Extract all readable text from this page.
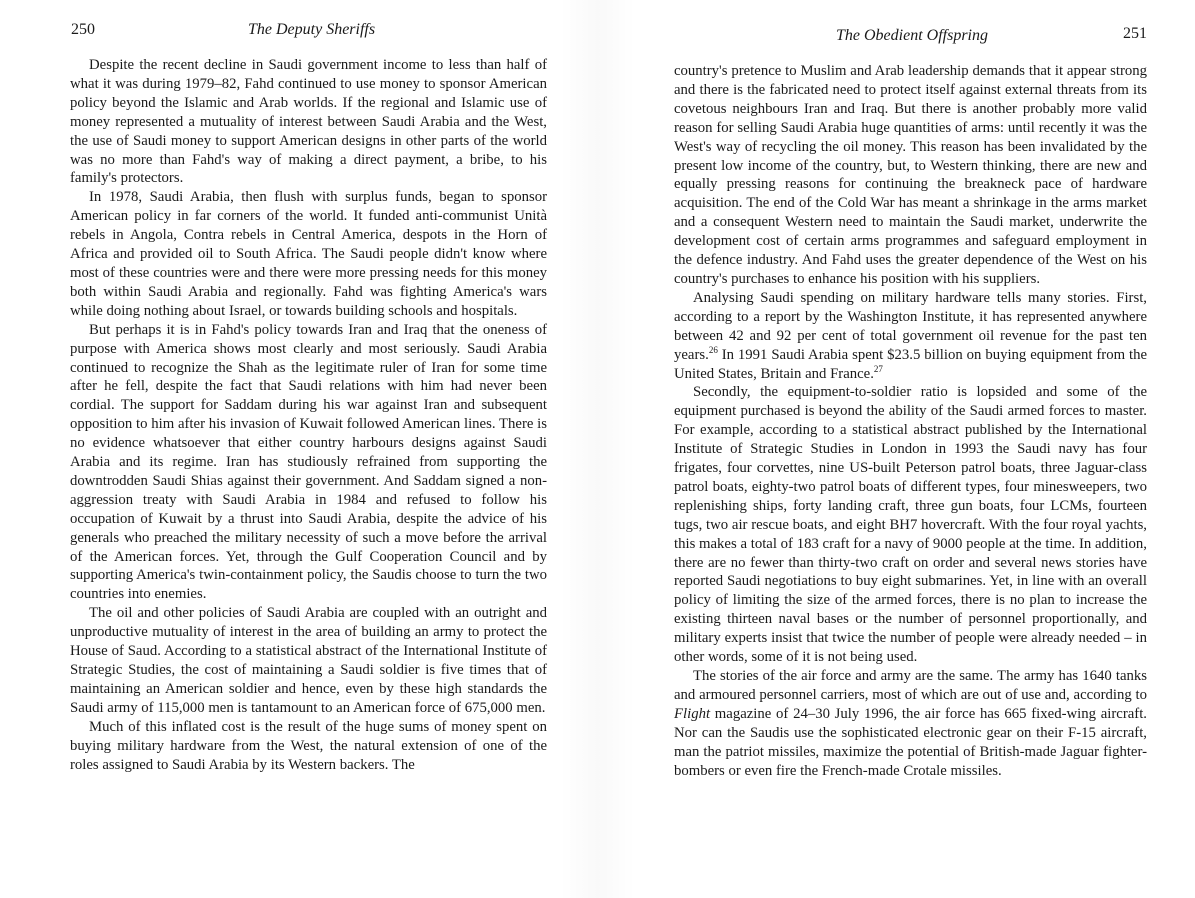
250	The Deputy Sheriffs

Despite the recent decline in Saudi government income to less than half of what it was during 1979–82, Fahd continued to use money to sponsor American policy beyond the Islamic and Arab worlds. If the regional and Islamic use of money represented a mutuality of interest between Saudi Arabia and the West, the use of Saudi money to support American designs in other parts of the world was no more than Fahd's way of making a direct payment, a bribe, to his family's protectors.

In 1978, Saudi Arabia, then flush with surplus funds, began to sponsor American policy in far corners of the world. It funded anti-communist Unità rebels in Angola, Contra rebels in Central America, despots in the Horn of Africa and provided oil to South Africa. The Saudi people didn't know where most of these countries were and there were more pressing needs for this money both within Saudi Arabia and regionally. Fahd was fighting America's wars while doing nothing about Israel, or towards building schools and hospitals.

But perhaps it is in Fahd's policy towards Iran and Iraq that the oneness of purpose with America shows most clearly and most seriously. Saudi Arabia continued to recognize the Shah as the legitimate ruler of Iran for some time after he fell, despite the fact that Saudi relations with him had never been cordial. The support for Saddam during his war against Iran and subsequent opposition to him after his invasion of Kuwait followed American lines. There is no evidence whatsoever that either country harbours designs against Saudi Arabia and its regime. Iran has studiously refrained from supporting the downtrodden Saudi Shias against their government. And Saddam signed a non-aggression treaty with Saudi Arabia in 1984 and refused to follow his occupation of Kuwait by a thrust into Saudi Arabia, despite the advice of his generals who preached the military necessity of such a move before the arrival of the American forces. Yet, through the Gulf Cooperation Council and by supporting America's twin-containment policy, the Saudis choose to turn the two countries into enemies.

The oil and other policies of Saudi Arabia are coupled with an outright and unproductive mutuality of interest in the area of building an army to protect the House of Saud. According to a statistical abstract of the International Institute of Strategic Studies, the cost of maintaining a Saudi soldier is five times that of maintaining an American soldier and hence, even by these high standards the Saudi army of 115,000 men is tantamount to an American force of 675,000 men.

Much of this inflated cost is the result of the huge sums of money spent on buying military hardware from the West, the natural extension of one of the roles assigned to Saudi Arabia by its Western backers. The

The Obedient Offspring	251

country's pretence to Muslim and Arab leadership demands that it appear strong and there is the fabricated need to protect itself against external threats from its covetous neighbours Iran and Iraq. But there is another probably more valid reason for selling Saudi Arabia huge quantities of arms: until recently it was the West's way of recycling the oil money. This reason has been invalidated by the present low income of the country, but, to Western thinking, there are new and equally pressing reasons for continuing the breakneck pace of hardware acquisition. The end of the Cold War has meant a shrinkage in the arms market and a consequent Western need to maintain the Saudi market, underwrite the development cost of certain arms programmes and safeguard employment in the defence industry. And Fahd uses the greater dependence of the West on his country's purchases to enhance his position with his suppliers.

Analysing Saudi spending on military hardware tells many stories. First, according to a report by the Washington Institute, it has represented anywhere between 42 and 92 per cent of total government oil revenue for the past ten years.$^{26}$ In 1991 Saudi Arabia spent $23.5 billion on buying equipment from the United States, Britain and France.$^{27}$

Secondly, the equipment-to-soldier ratio is lopsided and some of the equipment purchased is beyond the ability of the Saudi armed forces to master. For example, according to a statistical abstract published by the International Institute of Strategic Studies in London in 1993 the Saudi navy has four frigates, four corvettes, nine US-built Peterson patrol boats, three Jaguar-class patrol boats, eighty-two patrol boats of different types, four minesweepers, two replenishing ships, forty landing craft, three gun boats, four LCMs, fourteen tugs, two air rescue boats, and eight BH7 hovercraft. With the four royal yachts, this makes a total of 183 craft for a navy of 9000 people at the time. In addition, there are no fewer than thirty-two craft on order and several news stories have reported Saudi negotiations to buy eight submarines. Yet, in line with an overall policy of limiting the size of the armed forces, there is no plan to increase the existing thirteen naval bases or the number of personnel proportionally, and military experts insist that twice the number of people were already needed – in other words, some of it is not being used.

The stories of the air force and army are the same. The army has 1640 tanks and armoured personnel carriers, most of which are out of use and, according to Flight magazine of 24–30 July 1996, the air force has 665 fixed-wing aircraft. Nor can the Saudis use the sophisticated electronic gear on their F-15 aircraft, man the patriot missiles, maximize the potential of British-made Jaguar fighter-bombers or even fire the French-made Crotale missiles.
